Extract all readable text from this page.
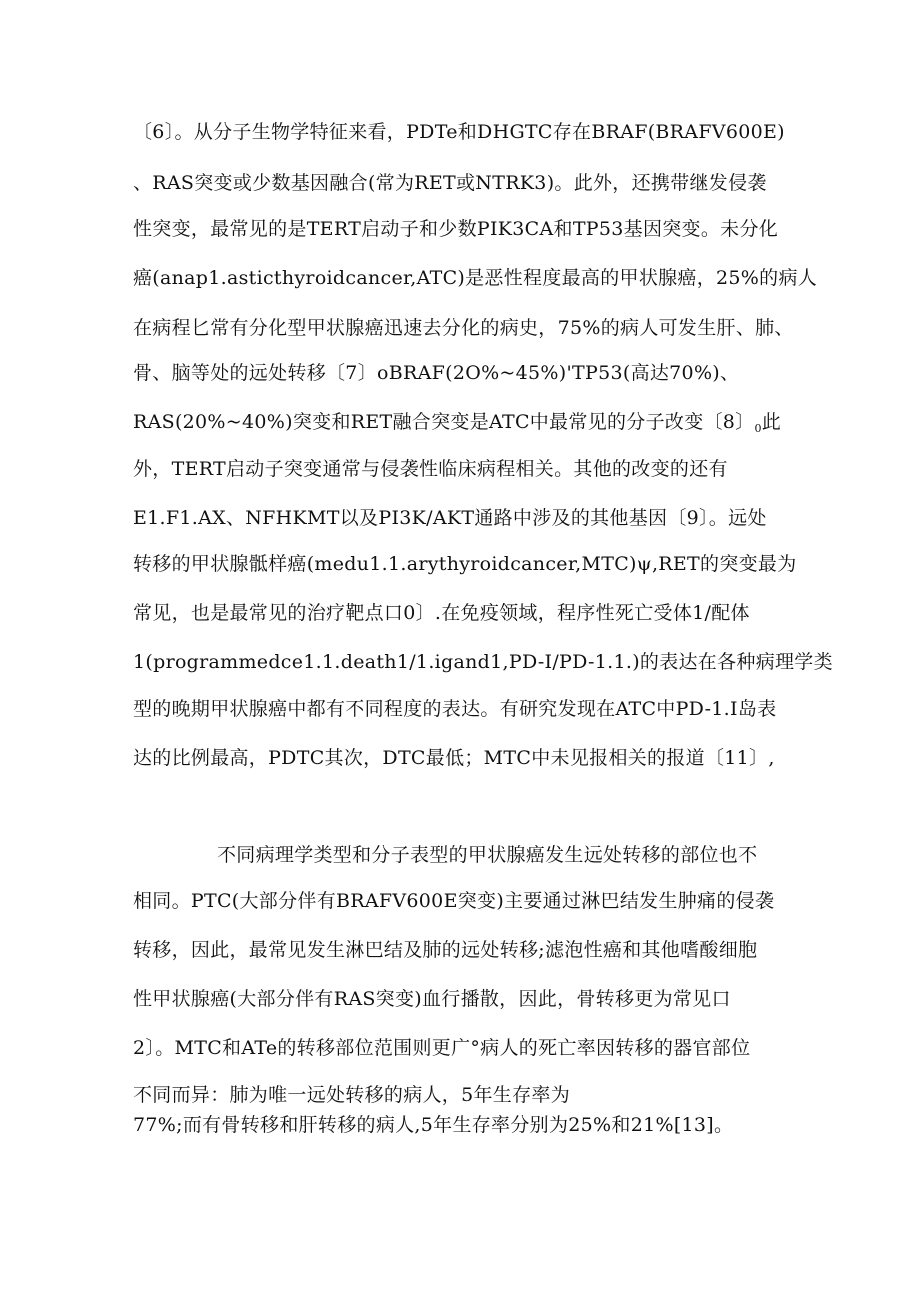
〔6〕。从分子生物学特征来看，PDTe和DHGTC存在BRAF(BRAFV600E)
、RAS突变或少数基因融合(常为RET或NTRK3)。此外，还携带继发侵袭
性突变，最常见的是TERT启动子和少数PIK3CA和TP53基因突变。未分化
癌(anap1.asticthyroidcancer,ATC)是恶性程度最高的甲状腺癌，25%的病人
在病程匕常有分化型甲状腺癌迅速去分化的病史，75%的病人可发生肝、肺、
骨、脑等处的远处转移〔7〕oBRAF(2O%~45%)'TP53(高达70%)、
RAS(20%~40%)突变和RET融合突变是ATC中最常见的分子改变〔8〕$_0$此
外，TERT启动子突变通常与侵袭性临床病程相关。其他的改变的还有
E1.F1.AX、NFHKMT以及PI3K/AKT通路中涉及的其他基因〔9〕。远处
转移的甲状腺骶样癌(medu1.1.arythyroidcancer,MTC)ψ,RET的突变最为
常见，也是最常见的治疗靶点口0〕.在免疫领域，程序性死亡受体1/配体
1(programmedce1.1.death1/1.igand1,PD-I/PD-1.1.)的表达在各种病理学类
型的晚期甲状腺癌中都有不同程度的表达。有研究发现在ATC中PD-1.I岛表
达的比例最高，PDTC其次，DTC最低；MTC中未见报相关的报道〔11〕,
不同病理学类型和分子表型的甲状腺癌发生远处转移的部位也不
相同。PTC(大部分伴有BRAFV600E突变)主要通过淋巴结发生肿痛的侵袭
转移，因此，最常见发生淋巴结及肺的远处转移;滤泡性癌和其他嗜酸细胞
性甲状腺癌(大部分伴有RAS突变)血行播散，因此，骨转移更为常见口
2〕。MTC和ATe的转移部位范围则更广°病人的死亡率因转移的器官部位
不同而异：肺为唯一远处转移的病人，5年生存率为
77%;而有骨转移和肝转移的病人,5年生存率分别为25%和21%[13]。
